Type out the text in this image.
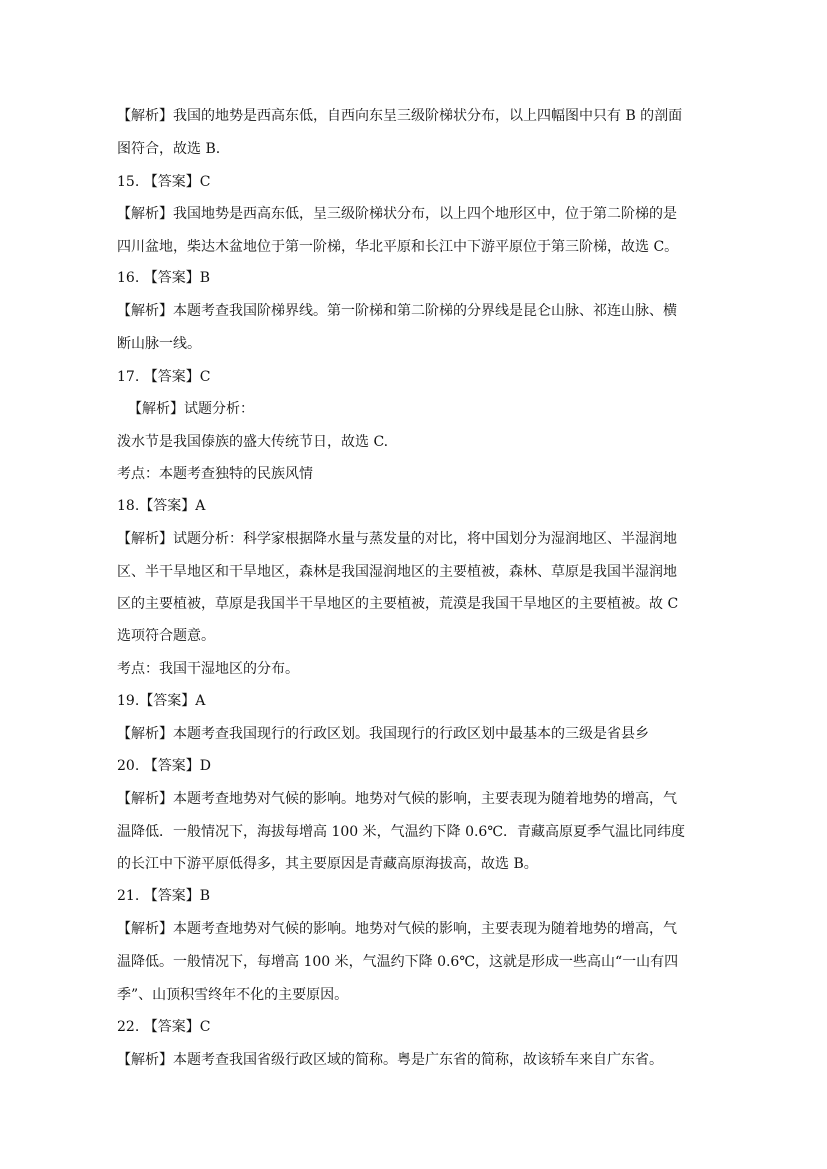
【解析】我国的地势是西高东低，自西向东呈三级阶梯状分布，以上四幅图中只有 B 的剖面
图符合，故选 B.
15. 【答案】C
【解析】我国地势是西高东低，呈三级阶梯状分布，以上四个地形区中，位于第二阶梯的是
四川盆地，柴达木盆地位于第一阶梯，华北平原和长江中下游平原位于第三阶梯，故选 C。
16. 【答案】B
【解析】本题考查我国阶梯界线。第一阶梯和第二阶梯的分界线是昆仑山脉、祁连山脉、横
断山脉一线。
17. 【答案】C
【解析】试题分析：
泼水节是我国傣族的盛大传统节日，故选 C.
考点：本题考查独特的民族风情
18.【答案】A
【解析】试题分析：科学家根据降水量与蒸发量的对比，将中国划分为湿润地区、半湿润地
区、半干旱地区和干旱地区，森林是我国湿润地区的主要植被，森林、草原是我国半湿润地
区的主要植被，草原是我国半干旱地区的主要植被，荒漠是我国干旱地区的主要植被。故 C
选项符合题意。
考点：我国干湿地区的分布。
19.【答案】A
【解析】本题考查我国现行的行政区划。我国现行的行政区划中最基本的三级是省县乡
20. 【答案】D
【解析】本题考查地势对气候的影响。地势对气候的影响，主要表现为随着地势的增高，气
温降低．一般情况下，海拔每增高 100 米，气温约下降 0.6℃．青藏高原夏季气温比同纬度
的长江中下游平原低得多，其主要原因是青藏高原海拔高，故选 B。
21. 【答案】B
【解析】本题考查地势对气候的影响。地势对气候的影响，主要表现为随着地势的增高，气
温降低。一般情况下，每增高 100 米，气温约下降 0.6℃，这就是形成一些高山“一山有四
季”、山顶积雪终年不化的主要原因。
22. 【答案】C
【解析】本题考查我国省级行政区域的简称。粤是广东省的简称，故该轿车来自广东省。
